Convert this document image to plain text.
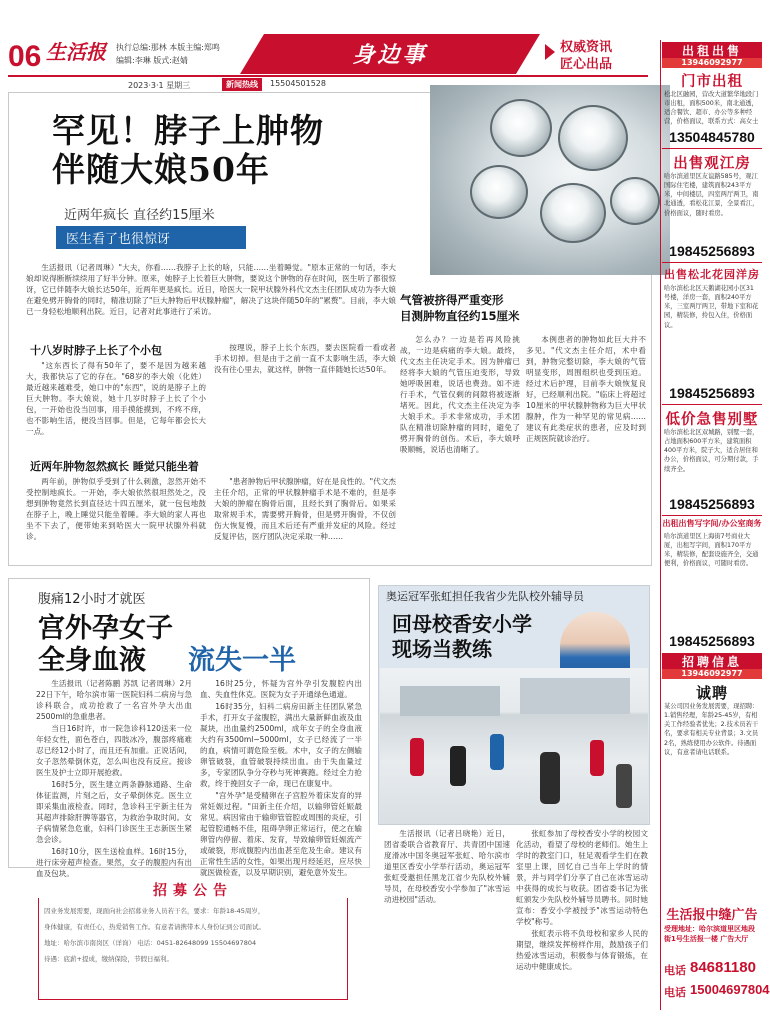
06 生活报 执行总编:那林 本版主编:郑鸣
编辑:李琳 版式:赵婧	身边事	权威资讯
匠心出品
2023·3·1 星期三	新闻热线	15504501528
罕见！脖子上肿物
伴随大娘50年
近两年疯长 直径约15厘米
医生看了也很惊讶

生活报讯（记者周琳）"大夫，你看……我脖子上长的啥，只能……坐着睡觉。"原本正常的一句话，李大娘却说得断断续续用了好半分钟。原来，她脖子上长着巨大肿物，要说这个肿物的存在时间，医生听了都很惊讶，它已伴随李大娘长达50年，近两年更是疯长。近日，哈医大一院甲状腺外科代文杰主任团队成功为李大娘在避免劈开胸骨的同时，精准切除了"巨大肿物后甲状腺肿瘤"，解决了这块伴随50年的"累赘"。目前，李大娘已一身轻松地顺利出院。近日，记者对此事进行了采访。

十八岁时脖子上长了个小包

"这东西长了得有50年了，要不是因为越来越大，我都快忘了它的存在。"68岁的李大娘（化姓）最近越来越难受，她口中的"东西"，说的是脖子上的巨大肿物。李大娘说，她十几岁时脖子上长了个小包，一开始也没当回事，用手摸能摸到，不疼不痒，也不影响生活，便没当回事。但是，它每年都会长大一点。

按理说，脖子上长个东西，要去医院看一看或者手术切掉。但是由于之前一直不太影响生活，李大娘没有往心里去，就这样，肿物一直伴随她长达50年。

近两年肿物忽然疯长 睡觉只能坐着

两年前，肿物似乎受到了什么刺激，忽然开始不受控制地疯长。一开始，李大娘依然很坦然处之，没想到肿物竟然长到直径达十四五厘米，就一包包地鼓在脖子上，晚上睡觉只能坐着睡。李大娘的家人再也坐不下去了，便带她来到哈医大一院甲状腺外科就诊。

"患者肿物后甲状腺肿瘤，好在是良性的。"代文杰主任介绍，正常的甲状腺肿瘤手术是不难的，但是李大娘的肿瘤在胸骨后面，且经长到了胸骨后。如果采取常规手术，需要劈开胸骨，但是劈开胸骨，不仅创伤大恢复慢，而且术后还有严重并发症的风险。经过反复评估，医疗团队决定采取一种……

气管被挤得严重变形
目测肿物直径约15厘米

怎么办？一边是若再风险挑战，一边是病痛的李大娘。最终，代文杰主任决定手术。因为肿瘤已经将李大娘的气管压迫变形，导致她呼吸困难，说话也费劲。如不进行手术，气管仅剩的间隙将被逐渐堵死。因此，代文杰主任决定为李大娘手术。手术非常成功，手术团队在精准切除肿瘤的同时，避免了劈开胸骨的创伤。术后，李大娘呼吸顺畅，说话也清晰了。

本例患者的肿物如此巨大并不多见。"代文杰主任介绍，术中看到，肿物完整切除，李大娘的气管明显变形，周围组织也受到压迫。经过术后护理，目前李大娘恢复良好，已经顺利出院。"临床上将超过10厘米的甲状腺肿物称为巨大甲状腺肿，作为一种罕见的常见病……建议有此类症状的患者，应及时到正规医院就诊治疗。

腹痛12小时才就医
宫外孕女子
全身血液 流失一半

生活报讯（记者陈鹏 苏凯 记者周琳）2月22日下午，哈尔滨市第一医院妇科二病房与急诊科联合，成功抢救了一名宫外孕大出血2500ml的急重患者。

当日16时许，市一院急诊科120送来一位年轻女性，面色苍白，四肢冰冷，腹部疼痛难忍已经12小时了，而且还有加重。正说话间，女子忽然晕倒休克，怎么叫也没有反应。接诊医生及护士立即开展抢救。

16时5分，医生建立两条静脉通路、生命体征监测，片刻之后，女子晕倒休克。医生立即采集血液检查。同时，急诊科王宇新主任为其超声排除肝脾等器官，为救治争取时间。女子病情紧急危重，妇科门诊医生王志新医生紧急会诊。

16时10分，医生送检血样。16时15分，进行床旁超声检查。果然，女子的腹腔内有出血及包块。

16时25分，怀疑为宫外孕引发腹腔内出血、失血性休克。医院为女子开通绿色通道。

16时35分，妇科二病房田新主任团队紧急手术，打开女子盆腹腔，满出大量新鲜血液及血凝块，出血量约2500ml，成年女子的全身血液大约有3500ml~5000ml，女子已经流了一半的血，病情可谓危险至极。术中，女子的左侧输卵管破裂，血管破裂持续出血。由于失血量过多，专家团队争分夺秒与死神赛跑。经过全力抢救，终于挽回女子一命，现已在康复中。

"宫外孕"是受精卵在子宫腔外着床发育的异常妊娠过程。"田新主任介绍，以输卵管妊娠最常见。病因常由于输卵管管腔或周围的炎症，引起管腔通畅不佳，阻碍孕卵正常运行，使之在输卵管内停留、着床、发育，导致输卵管妊娠流产或破裂，形成腹腔内出血甚至危及生命。建议有正常性生活的女性，如果出现月经延迟，应尽快就医做检查，以及早期识别，避免意外发生。

招募公告
因业务发展需要，现面向社会招募业务人员若干名，要求：年龄18-45周岁，
身体健康，有责任心，热爱销售工作。有意者请携带本人身份证到公司面试。
地址：哈尔滨市南岗区（详询） 电话：0451-82648099 15504697804
待遇：底薪+提成，缴纳保险，节假日福利。
奥运冠军张虹担任我省少先队校外辅导员
回母校香安小学
现场当教练

生活报讯（记者吕晓艳）近日，团省委联合省教育厅、共青团中国速度滑冰中国冬奥冠军张虹、哈尔滨市道里区香安小学举行活动，奥运冠军张虹受邀担任黑龙江省少先队校外辅导员，在母校香安小学参加了"冰雪运动进校园"活动。

张虹参加了母校香安小学的校园文化活动，看望了母校的老师们。她生上学时的教室门口，驻足观看学生们在教室里上课，回忆自己当年上学时的情景，并与同学们分享了自己在冰雪运动中获得的成长与收获。团省委书记为张虹颁发少先队校外辅导员聘书。同时她宣布：香安小学被授予"冰雪运动特色学校"称号。

张虹表示将不负母校和家乡人民的期望，继续发挥榜样作用，鼓励孩子们热爱冰雪运动，积极参与体育锻炼，在运动中健康成长。

出租出售
13946092977
门市出租
松北区融园，营改大道繁华地段门市出租，面积500米，南北通透，适合餐饮、超市、办公等多种经营，价格面议，联系方式：高女士
13504845780
出售观江房
哈尔滨道里区友谊路585号，观江国际住宅楼，建筑面积243平方米，中间楼层，四室两厅两卫，南北通透，看松花江景，全景看江，价格面议，随时看房。
19845256893
出售松北花园洋房
哈尔滨松北区天鹅湖花园小区31号楼，洋房一套，面积240平方米，三室两厅两卫，带地下室和花园，精装修，拎包入住，价格面议。
19845256893
低价急售别墅
哈尔滨松北区双城路，别墅一套，占地面积600平方米，建筑面积400平方米，院子大，适合居住和办公，价格面议，可分期付款，手续齐全。
19845256893
出租出售写字间/办公室商务
哈尔滨道里区上海街7号商业大厦，出租写字间，面积170平方米，精装修，配套设施齐全，交通便利，价格面议，可随时看房。
19845256893
招聘信息
13946092977
诚聘
某公司因业务发展需要，现招聘：1.销售经理，年龄25-45岁，有相关工作经验者优先；2.技术员若干名，要求有相关专业背景；3.文员2名，熟练使用办公软件。待遇面议，有意者请电话联系。
生活报中缝广告
受理地址：哈尔滨道里区地段街1号生活报一楼 广告大厅
电话 84681180
电话 15004697804
